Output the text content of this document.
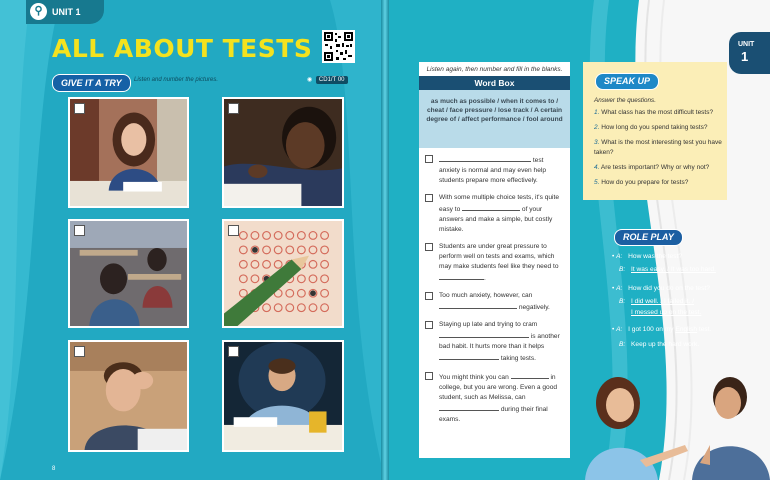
⚲	UNIT 1
ALL ABOUT TESTS
GIVE IT A TRY	Listen and number the pictures.	◉ CD1/T 00
8
Listen again, then number and fill in the blanks.
Word Box
as much as possible / when it comes to / cheat / face pressure / lose track / A certain degree of / affect performance / fool around
test anxiety is normal and may even help students prepare more effectively.
With some multiple choice tests, it's quite easy to	of your answers and make a simple, but costly mistake.
Students are under great pressure to perform well on tests and exams, which may make students feel like they need to .
Too much anxiety, however, can  negatively.
Staying up late and trying to cram  is another bad habit. It hurts more than it helps  taking tests.
You might think you can	in college, but you are wrong. Even a good student, such as Melissa, can  during their final exams.
SPEAK UP
Answer the questions.
1. What class has the most difficult tests?
2. How long do you spend taking tests?
3. What is the most interesting test you have taken?
4. Are tests important? Why or why not?
5. How do you prepare for tests?
UNIT
1
ROLE PLAY
• A: How was the test?
B: It was easy. / It was too hard.
• A: How did you do on the test?
B: I did well. / I failed it. /
I messed up on the test.
• A: I got 100 on my English test.
B: Keep up the hard work.
